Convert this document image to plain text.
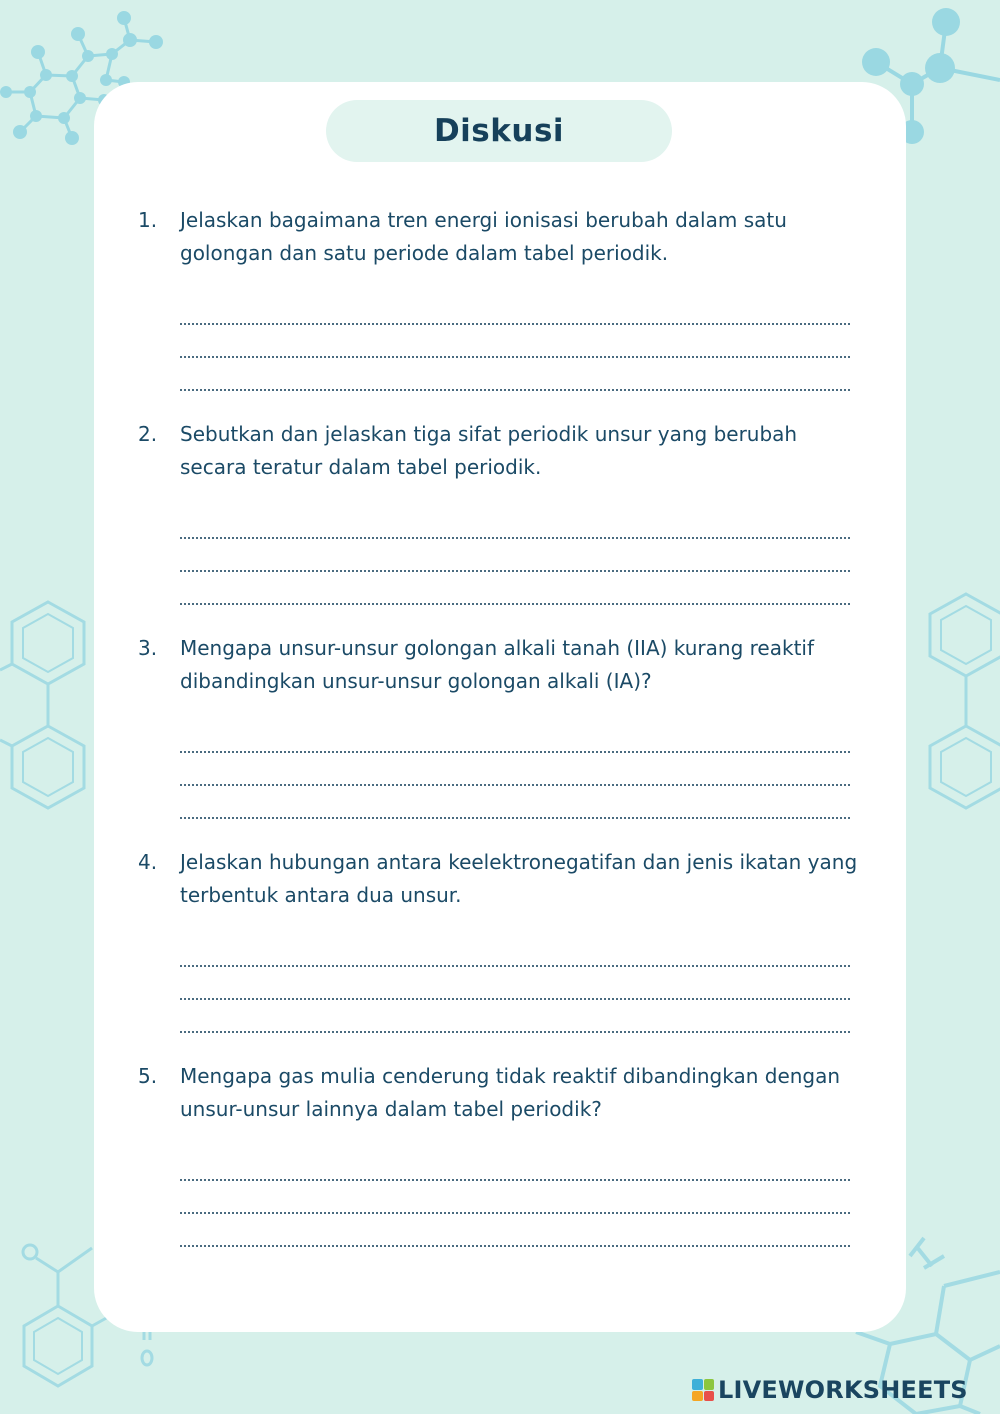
Diskusi
1.	Jelaskan bagaimana tren energi ionisasi berubah dalam satu golongan dan satu periode dalam tabel periodik.
2.	Sebutkan dan jelaskan tiga sifat periodik unsur yang berubah secara teratur dalam tabel periodik.
3.	Mengapa unsur-unsur golongan alkali tanah (IIA) kurang reaktif dibandingkan unsur-unsur golongan alkali (IA)?
4.	Jelaskan hubungan antara keelektronegatifan dan jenis ikatan yang terbentuk antara dua unsur.
5.	Mengapa gas mulia cenderung tidak reaktif dibandingkan dengan unsur-unsur lainnya dalam tabel periodik?
LIVEWORKSHEETS
